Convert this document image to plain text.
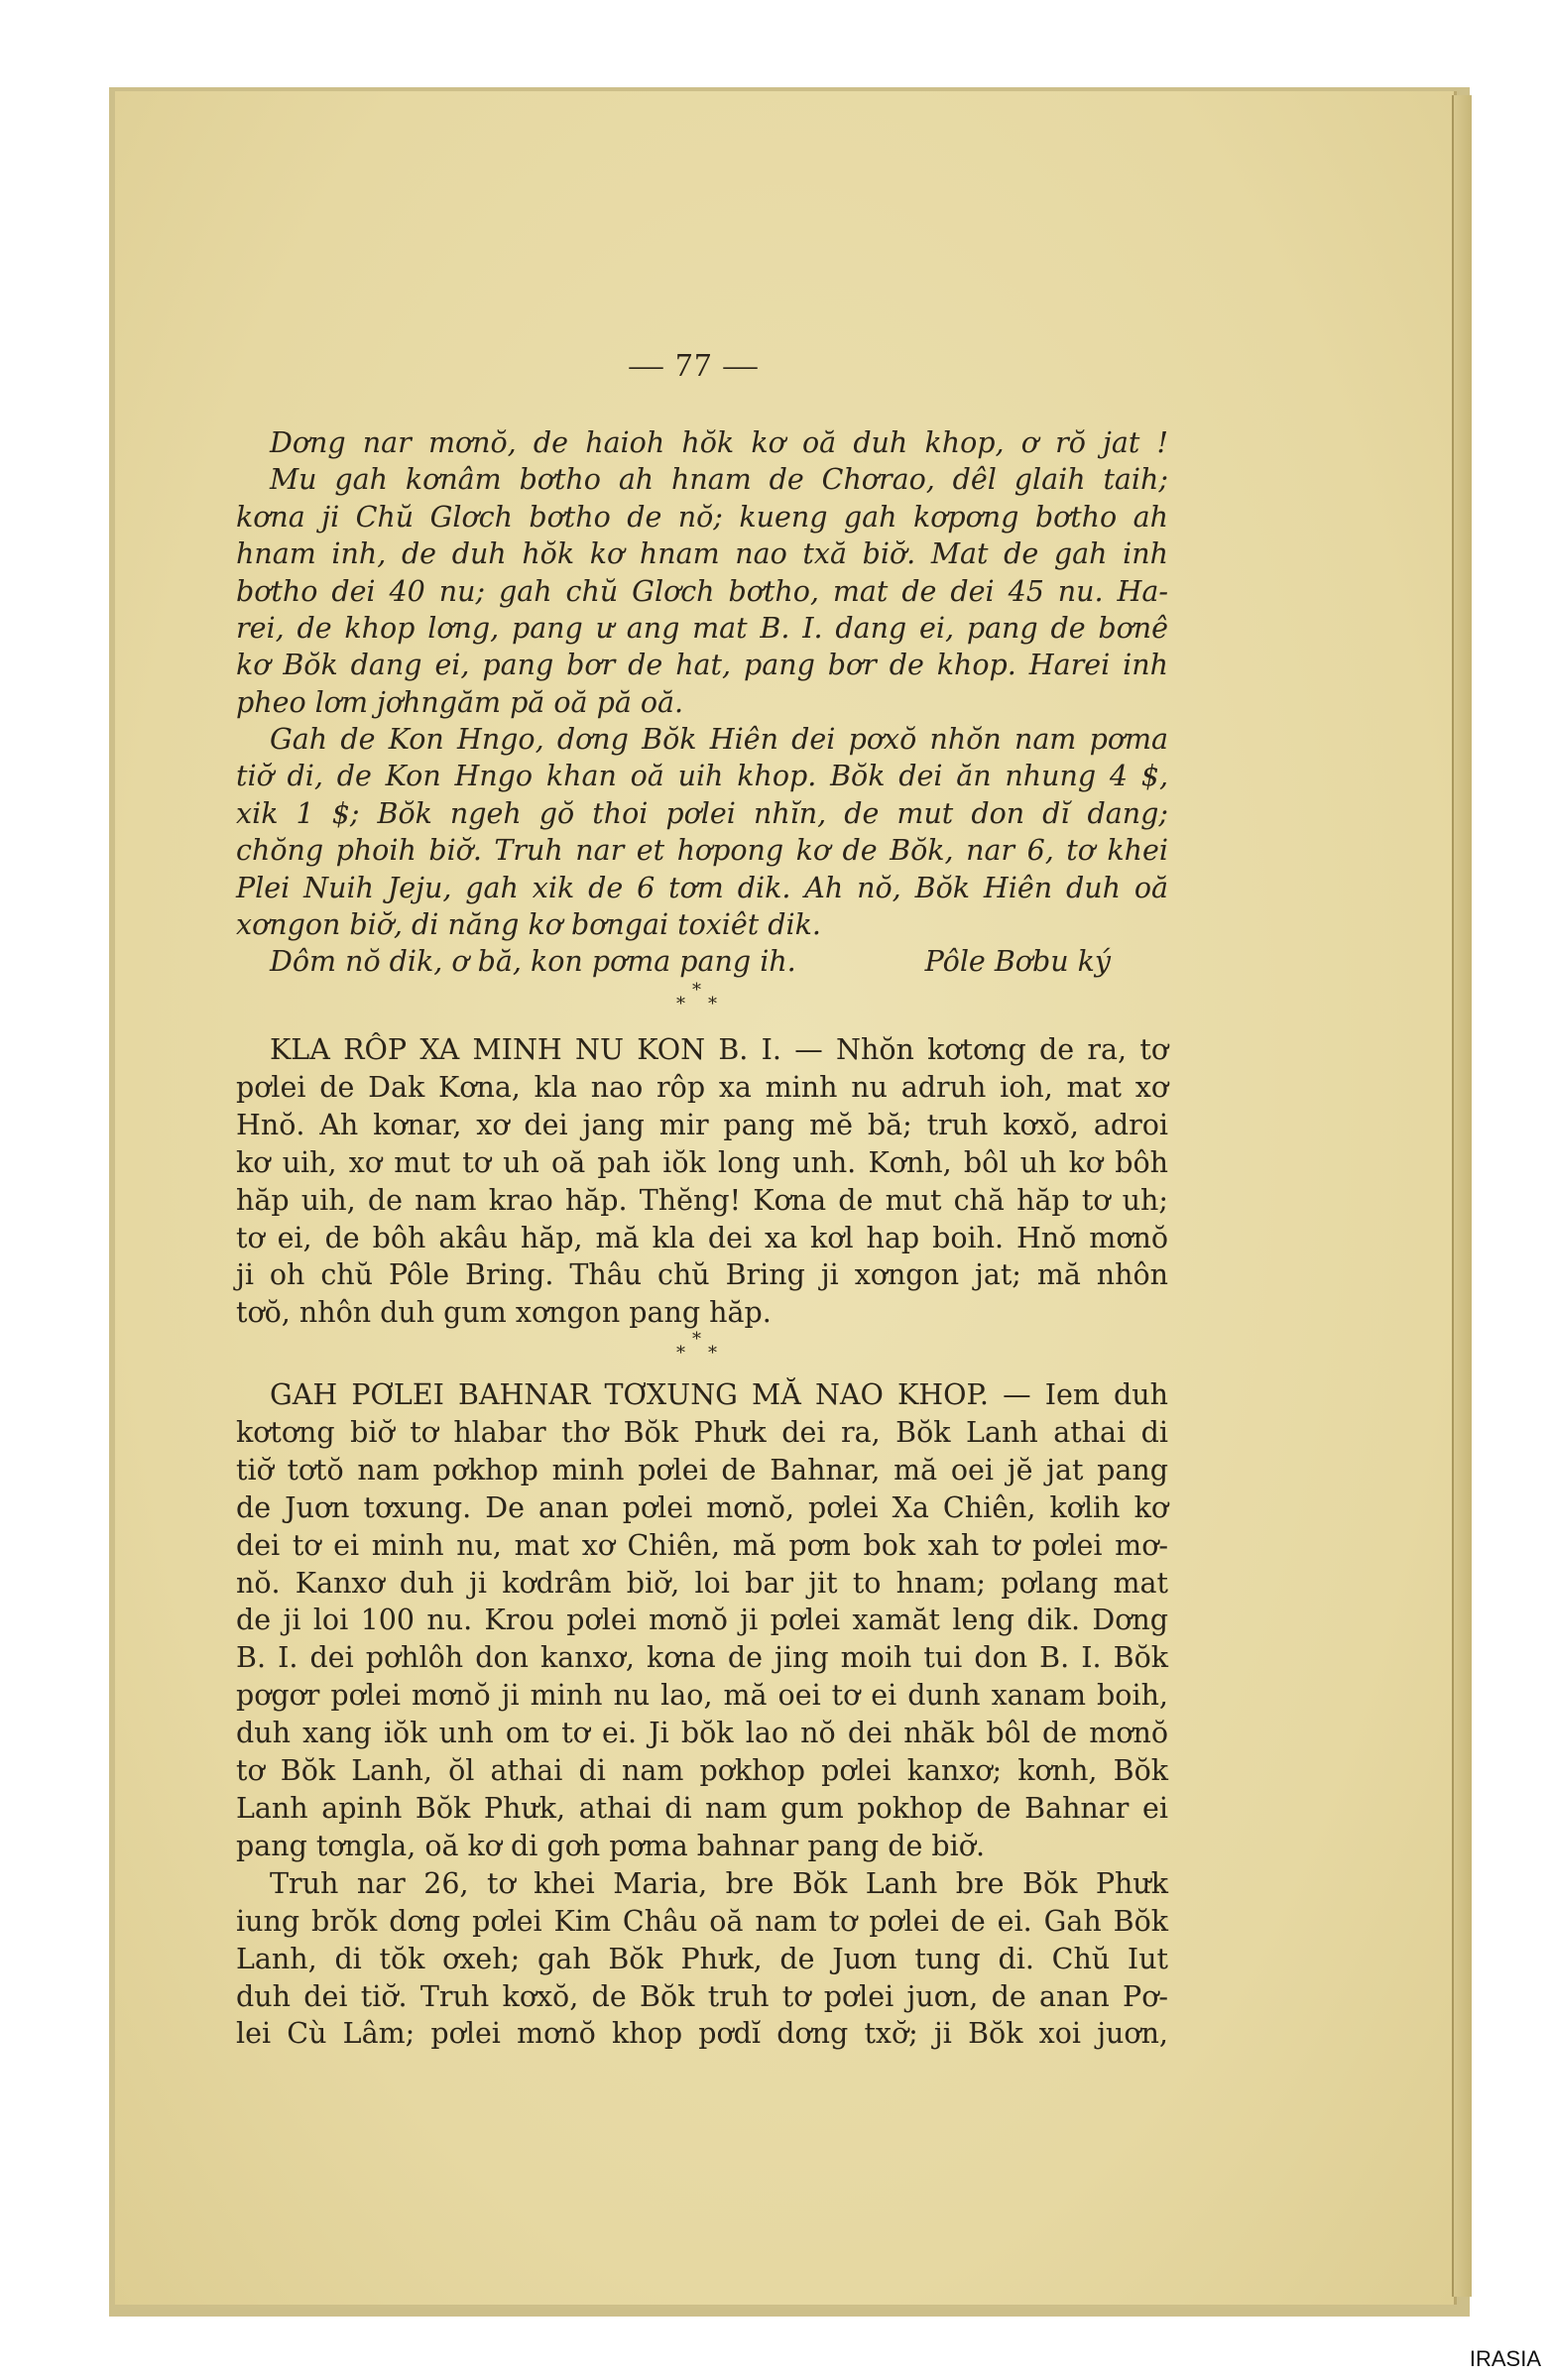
— 77 —
Dơng nar mơnŏ, de haioh hŏk kơ oă duh khop, ơ rŏ jat !
Mu gah kơnâm bơtho ah hnam de Chơrao, dêl glaih taih;
kơna ji Chŭ Glơch bơtho de nŏ; kueng gah kơpơng bơtho ah
hnam inh, de duh hŏk kơ hnam nao txă biơ̆. Mat de gah inh
bơtho dei 40 nu; gah chŭ Glơch bơtho, mat de dei 45 nu. Ha-
rei, de khop lơng, pang ư ang mat B. I. dang ei, pang de bơnê
kơ Bŏk dang ei, pang bơr de hat, pang bơr de khop. Harei inh
pheo lơm jơhngăm pă oă pă oă.
Gah de Kon Hngo, dơng Bŏk Hiên dei pơxŏ nhŏn nam pơma
tiơ̆ di, de Kon Hngo khan oă uih khop. Bŏk dei ăn nhung 4 $,
xik 1 $; Bŏk ngeh gŏ thoi pơlei nhĭn, de mut don dĭ dang;
chŏng phoih biơ̆. Truh nar et hơpong kơ de Bŏk, nar 6, tơ khei
Plei Nuih Jeju, gah xik de 6 tơm dik. Ah nŏ, Bŏk Hiên duh oă
xơngon biơ̆, di năng kơ bơngai toxiêt dik.
Dôm nŏ dik, ơ bă, kon pơma pang ih.	Pôle Bơbu ký
*
* *
KLA RÔP XA MINH NU KON B. I. — Nhŏn kơtơng de ra, tơ
pơlei de Dak Kơna, kla nao rôp xa minh nu adruh ioh, mat xơ
Hnŏ. Ah kơnar, xơ dei jang mir pang mĕ bă; truh kơxŏ, adroi
kơ uih, xơ mut tơ uh oă pah iŏk long unh. Kơnh, bôl uh kơ bôh
hăp uih, de nam krao hăp. Thĕng! Kơna de mut chă hăp tơ uh;
tơ ei, de bôh akâu hăp, mă kla dei xa kơl hap boih. Hnŏ mơnŏ
ji oh chŭ Pôle Bring. Thâu chŭ Bring ji xơngon jat; mă nhôn
tơŏ, nhôn duh gum xơngon pang hăp.
*
* *
GAH PƠLEI BAHNAR TƠXUNG MĂ NAO KHOP. — Iem duh
kơtơng biơ̆ tơ hlabar thơ Bŏk Phưk dei ra, Bŏk Lanh athai di
tiơ̆ tơtŏ nam pơkhop minh pơlei de Bahnar, mă oei jĕ jat pang
de Juơn tơxung. De anan pơlei mơnŏ, pơlei Xa Chiên, kơlih kơ
dei tơ ei minh nu, mat xơ Chiên, mă pơm bok xah tơ pơlei mơ-
nŏ. Kanxơ duh ji kơdrâm biơ̆, loi bar jit to hnam; pơlang mat
de ji loi 100 nu. Krou pơlei mơnŏ ji pơlei xamăt leng dik. Dơng
B. I. dei pơhlôh don kanxơ, kơna de jing moih tui don B. I. Bŏk
pơgơr pơlei mơnŏ ji minh nu lao, mă oei tơ ei dunh xanam boih,
duh xang iŏk unh om tơ ei. Ji bŏk lao nŏ dei nhăk bôl de mơnŏ
tơ Bŏk Lanh, ŏl athai di nam pơkhop pơlei kanxơ; kơnh, Bŏk
Lanh apinh Bŏk Phưk, athai di nam gum pokhop de Bahnar ei
pang tơngla, oă kơ di gơh pơma bahnar pang de biơ̆.
Truh nar 26, tơ khei Maria, bre Bŏk Lanh bre Bŏk Phưk
iung brŏk dơng pơlei Kim Châu oă nam tơ pơlei de ei. Gah Bŏk
Lanh, di tŏk ơxeh; gah Bŏk Phưk, de Juơn tung di. Chŭ Iut
duh dei tiơ̆. Truh kơxŏ, de Bŏk truh tơ pơlei juơn, de anan Pơ-
lei Cù Lâm; pơlei mơnŏ khop pơdĭ dơng txơ̆; ji Bŏk xoi juơn,
IRASIA
